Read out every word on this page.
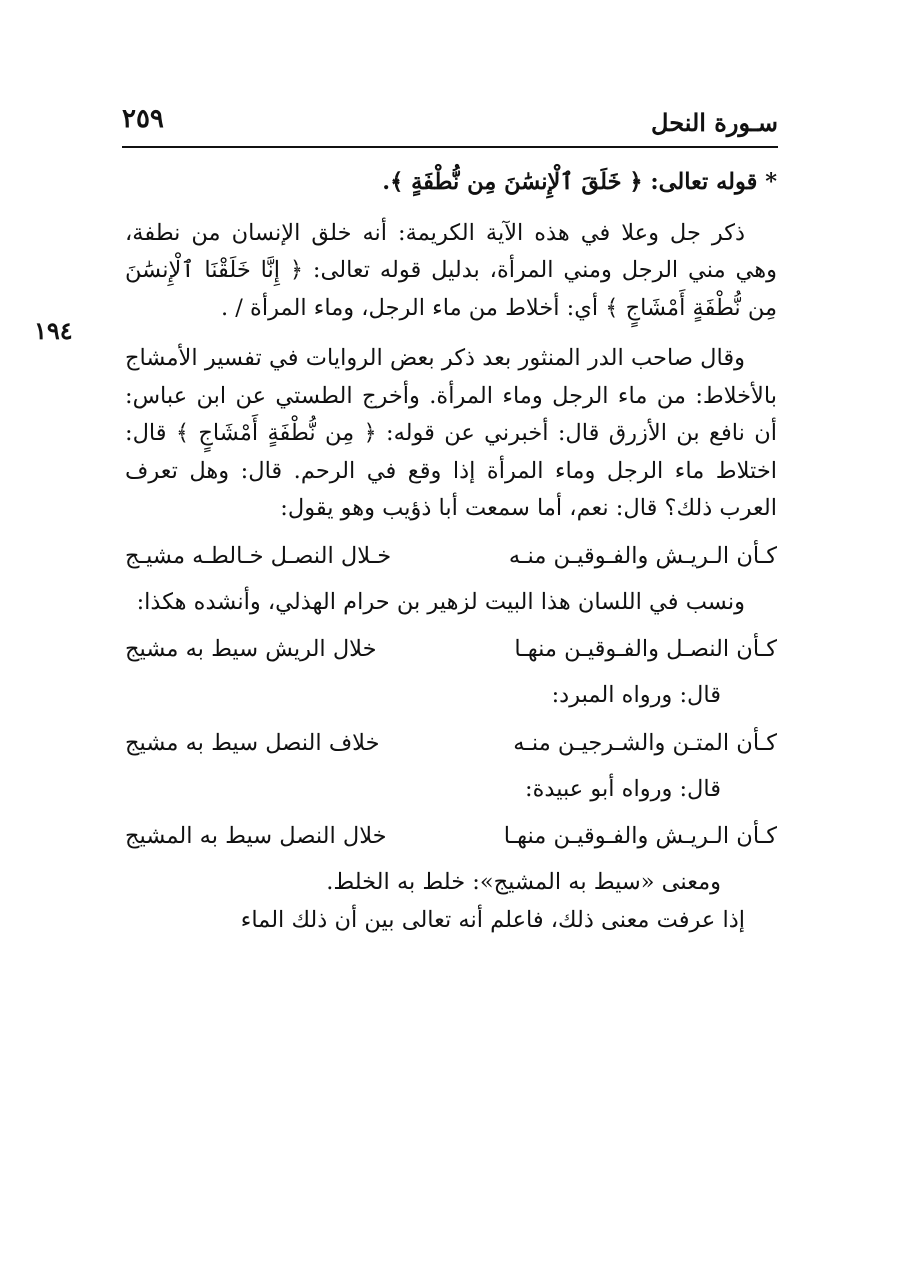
سـورة النحل
٢٥٩
١٩٤

* قوله تعالى: ﴿ خَلَقَ ٱلْإِنسَٰنَ مِن نُّطْفَةٍ ﴾.

ذكر جل وعلا في هذه الآية الكريمة: أنه خلق الإنسان من نطفة، وهي مني الرجل ومني المرأة، بدليل قوله تعالى: ﴿ إِنَّا خَلَقْنَا ٱلْإِنسَٰنَ مِن نُّطْفَةٍ أَمْشَاجٍ ﴾ أي: أخلاط من ماء الرجل، وماء المرأة / .

وقال صاحب الدر المنثور بعد ذكر بعض الروايات في تفسير الأمشاج بالأخلاط: من ماء الرجل وماء المرأة. وأخرج الطستي عن ابن عباس: أن نافع بن الأزرق قال: أخبرني عن قوله: ﴿ مِن نُّطْفَةٍ أَمْشَاجٍ ﴾ قال: اختلاط ماء الرجل وماء المرأة إذا وقع في الرحم. قال: وهل تعرف العرب ذلك؟ قال: نعم، أما سمعت أبا ذؤيب وهو يقول:

كـأن الـريـش والفـوقيـن منـه
خـلال النصـل خـالطـه مشيـج

ونسب في اللسان هذا البيت لزهير بن حرام الهذلي، وأنشده هكذا:

كـأن النصـل والفـوقيـن منهـا
خلال الريش سيط به مشيج

قال: ورواه المبرد:

كـأن المتـن والشـرجيـن منـه
خلاف النصل سيط به مشيج

قال: ورواه أبو عبيدة:

كـأن الـريـش والفـوقيـن منهـا
خلال النصل سيط به المشيج

ومعنى «سيط به المشيج»: خلط به الخلط.

إذا عرفت معنى ذلك، فاعلم أنه تعالى بين أن ذلك الماء
